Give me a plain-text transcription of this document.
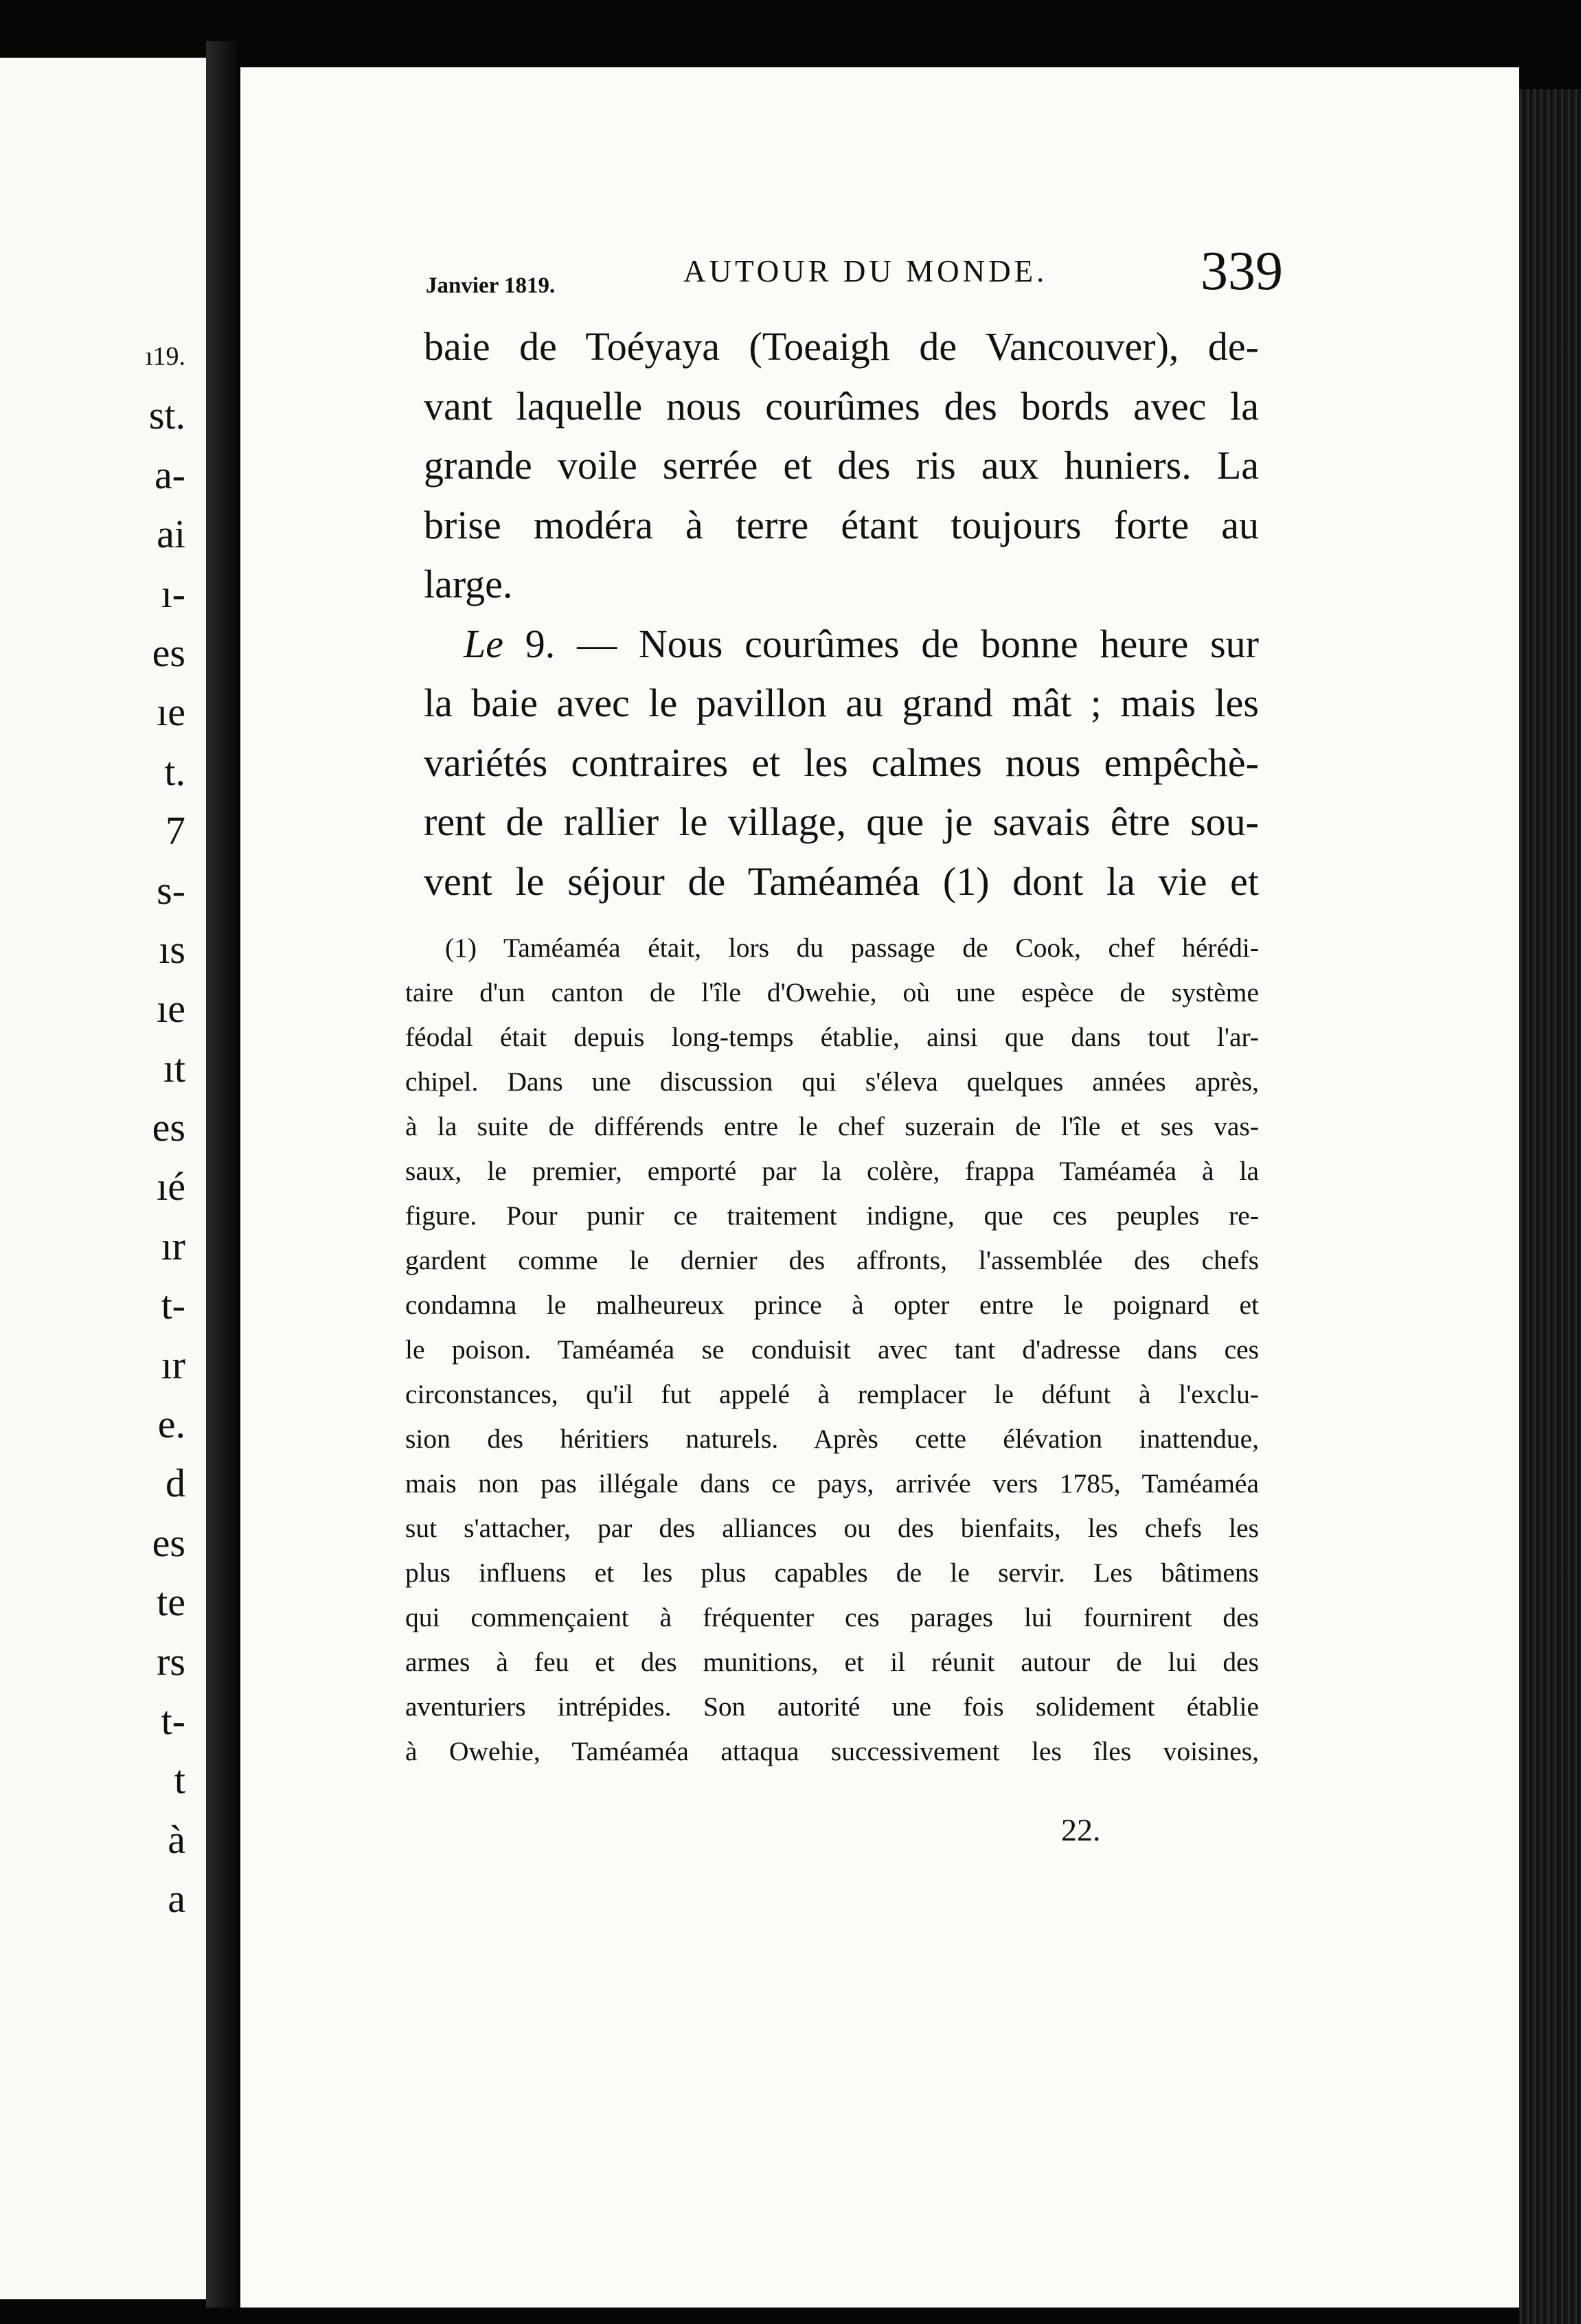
ı19.
st.
a-
ai
ı-
es
ıe
t.
7
s-
ıs
ıe
ıt
es
ıé
ır
t-
ır
e.
d
es
te
rs
t-
t
à
a
AUTOUR DU MONDE.	339
Janvier 1819.
baie de Toéyaya (Toeaigh de Vancouver), de-
vant laquelle nous courûmes des bords avec la
grande voile serrée et des ris aux huniers. La
brise modéra à terre étant toujours forte au
large.
Le 9. — Nous courûmes de bonne heure sur
la baie avec le pavillon au grand mât ; mais les
variétés contraires et les calmes nous empêchè-
rent de rallier le village, que je savais être sou-
vent le séjour de Taméaméa (1) dont la vie et
(1) Taméaméa était, lors du passage de Cook, chef hérédi-
taire d'un canton de l'île d'Owehie, où une espèce de système
féodal était depuis long-temps établie, ainsi que dans tout l'ar-
chipel. Dans une discussion qui s'éleva quelques années après,
à la suite de différends entre le chef suzerain de l'île et ses vas-
saux, le premier, emporté par la colère, frappa Taméaméa à la
figure. Pour punir ce traitement indigne, que ces peuples re-
gardent comme le dernier des affronts, l'assemblée des chefs
condamna le malheureux prince à opter entre le poignard et
le poison. Taméaméa se conduisit avec tant d'adresse dans ces
circonstances, qu'il fut appelé à remplacer le défunt à l'exclu-
sion des héritiers naturels. Après cette élévation inattendue,
mais non pas illégale dans ce pays, arrivée vers 1785, Taméaméa
sut s'attacher, par des alliances ou des bienfaits, les chefs les
plus influens et les plus capables de le servir. Les bâtimens
qui commençaient à fréquenter ces parages lui fournirent des
armes à feu et des munitions, et il réunit autour de lui des
aventuriers intrépides. Son autorité une fois solidement établie
à Owehie, Taméaméa attaqua successivement les îles voisines,
22.
